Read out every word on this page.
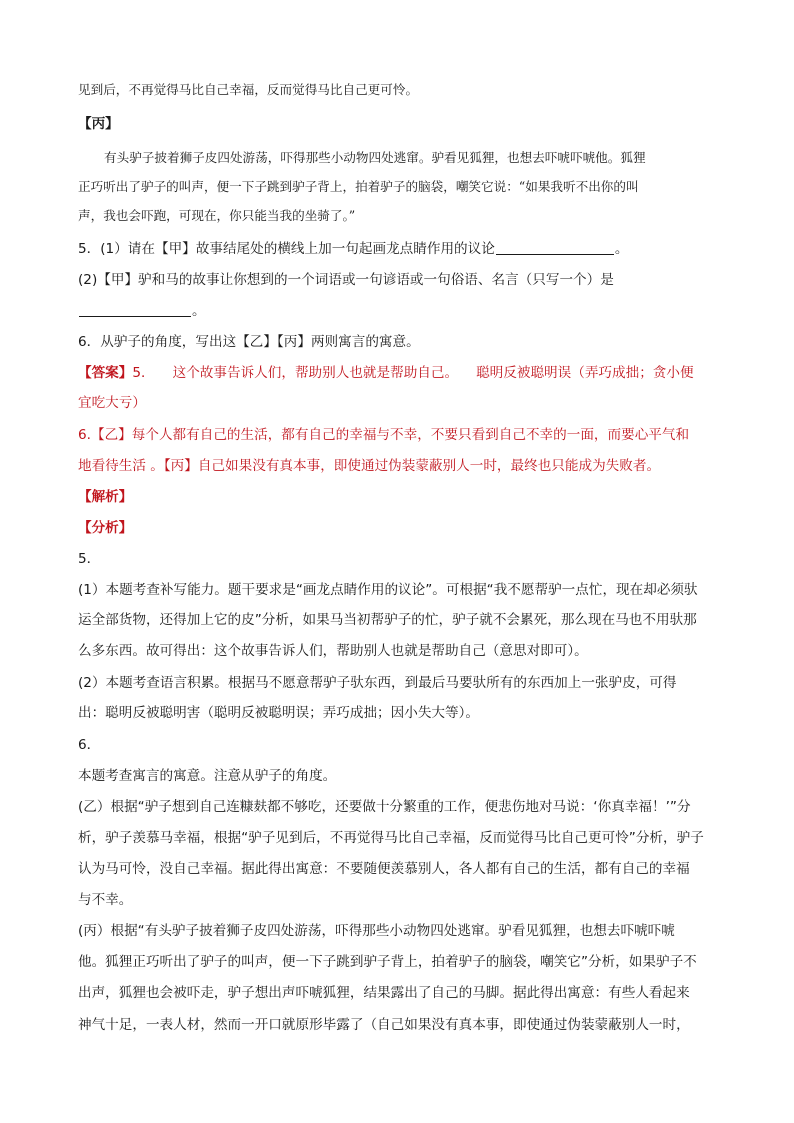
见到后，不再觉得马比自己幸福，反而觉得马比自己更可怜。
【丙】
有头驴子披着狮子皮四处游荡，吓得那些小动物四处逃窜。驴看见狐狸，也想去吓唬吓唬他。狐狸
正巧听出了驴子的叫声，便一下子跳到驴子背上，拍着驴子的脑袋，嘲笑它说：“如果我听不出你的叫
声，我也会吓跑，可现在，你只能当我的坐骑了。”
5．(1）请在【甲】故事结尾处的横线上加一句起画龙点睛作用的议论	。
(2)【甲】驴和马的故事让你想到的一个词语或一句谚语或一句俗语、名言（只写一个）是
。
6．从驴子的角度，写出这【乙】【丙】两则寓言的寓意。
【答案】5． 这个故事告诉人们，帮助别人也就是帮助自己。 聪明反被聪明误（弄巧成拙；贪小便
宜吃大亏）
6.【乙】每个人都有自己的生活，都有自己的幸福与不幸，不要只看到自己不幸的一面，而要心平气和
地看待生活 。【丙】自己如果没有真本事，即使通过伪装蒙蔽别人一时，最终也只能成为失败者。
【解析】
【分析】
5．
(1）本题考查补写能力。题干要求是“画龙点睛作用的议论”。可根据“我不愿帮驴一点忙，现在却必须驮
运全部货物，还得加上它的皮”分析，如果马当初帮驴子的忙，驴子就不会累死，那么现在马也不用驮那
么多东西。故可得出：这个故事告诉人们，帮助别人也就是帮助自己（意思对即可）。
(2）本题考查语言积累。根据马不愿意帮驴子驮东西，到最后马要驮所有的东西加上一张驴皮，可得
出：聪明反被聪明害（聪明反被聪明误；弄巧成拙；因小失大等）。
6．
本题考查寓言的寓意。注意从驴子的角度。
(乙）根据“驴子想到自己连糠麸都不够吃，还要做十分繁重的工作，便悲伤地对马说：‘你真幸福！’”分
析，驴子羡慕马幸福，根据“驴子见到后，不再觉得马比自己幸福，反而觉得马比自己更可怜”分析，驴子
认为马可怜，没自己幸福。据此得出寓意：不要随便羡慕别人，各人都有自己的生活，都有自己的幸福
与不幸。
(丙）根据“有头驴子披着狮子皮四处游荡，吓得那些小动物四处逃窜。驴看见狐狸，也想去吓唬吓唬
他。狐狸正巧听出了驴子的叫声，便一下子跳到驴子背上，拍着驴子的脑袋，嘲笑它”分析，如果驴子不
出声，狐狸也会被吓走，驴子想出声吓唬狐狸，结果露出了自己的马脚。据此得出寓意：有些人看起来
神气十足，一表人材，然而一开口就原形毕露了（自己如果没有真本事，即使通过伪装蒙蔽别人一时，
